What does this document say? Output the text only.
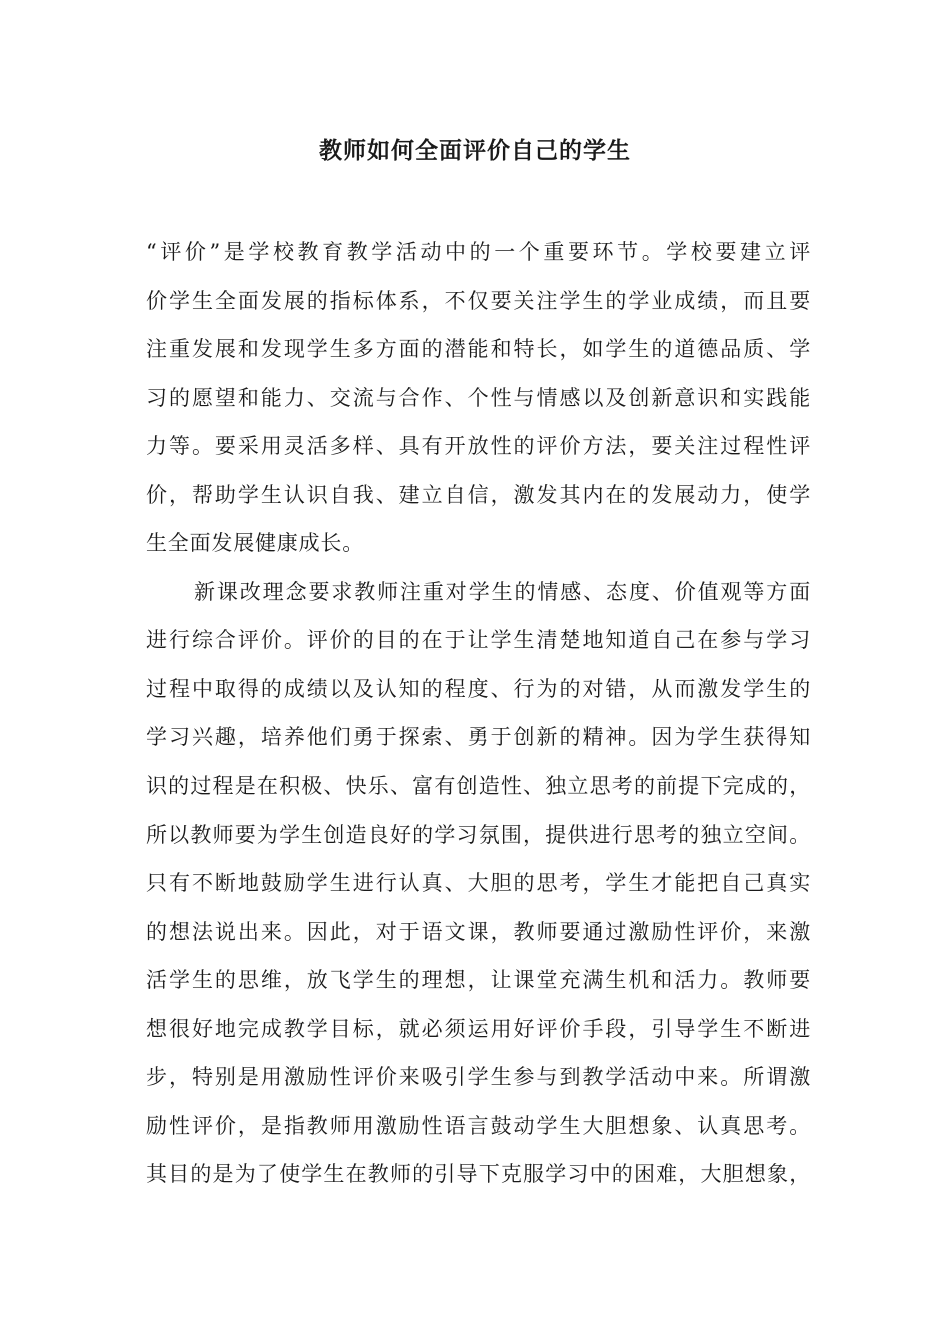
教师如何全面评价自己的学生
“评价”是学校教育教学活动中的一个重要环节。学校要建立评
价学生全面发展的指标体系，不仅要关注学生的学业成绩，而且要
注重发展和发现学生多方面的潜能和特长，如学生的道德品质、学
习的愿望和能力、交流与合作、个性与情感以及创新意识和实践能
力等。要采用灵活多样、具有开放性的评价方法，要关注过程性评
价，帮助学生认识自我、建立自信，激发其内在的发展动力，使学
生全面发展健康成长。
新课改理念要求教师注重对学生的情感、态度、价值观等方面
进行综合评价。评价的目的在于让学生清楚地知道自己在参与学习
过程中取得的成绩以及认知的程度、行为的对错，从而激发学生的
学习兴趣，培养他们勇于探索、勇于创新的精神。因为学生获得知
识的过程是在积极、快乐、富有创造性、独立思考的前提下完成的，
所以教师要为学生创造良好的学习氛围，提供进行思考的独立空间。
只有不断地鼓励学生进行认真、大胆的思考，学生才能把自己真实
的想法说出来。因此，对于语文课，教师要通过激励性评价，来激
活学生的思维，放飞学生的理想，让课堂充满生机和活力。教师要
想很好地完成教学目标，就必须运用好评价手段，引导学生不断进
步，特别是用激励性评价来吸引学生参与到教学活动中来。所谓激
励性评价，是指教师用激励性语言鼓动学生大胆想象、认真思考。
其目的是为了使学生在教师的引导下克服学习中的困难，大胆想象，
